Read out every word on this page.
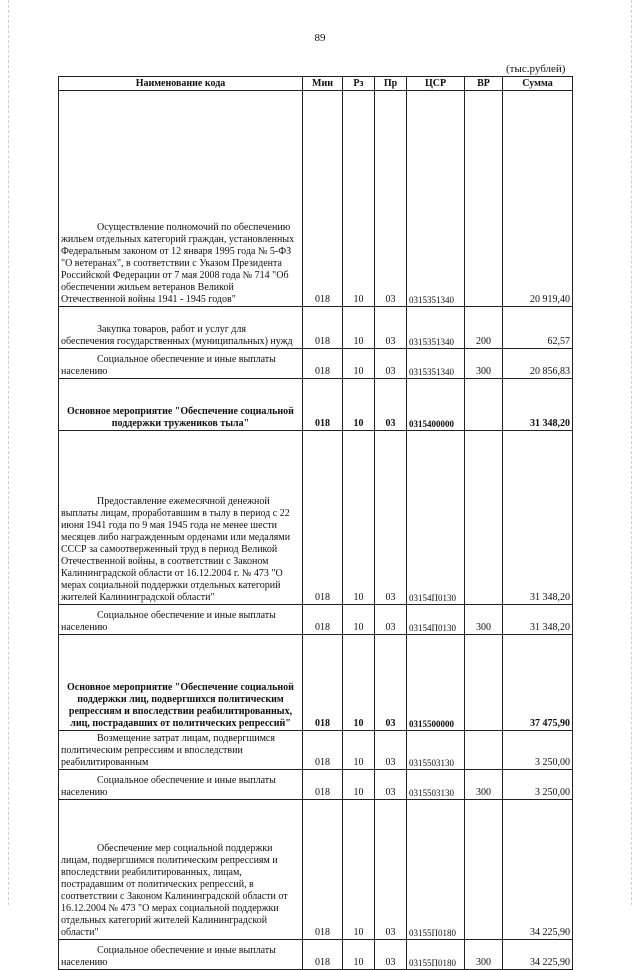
89
(тыс.рублей)
Наименование кода	Мин	Рз	Пр	ЦСР	ВР	Сумма
Осуществление полномочий по обеспечению жильем отдельных категорий граждан, установленных Федеральным законом от 12 января 1995 года № 5-ФЗ "О ветеранах", в соответствии с Указом Президента Российской Федерации от 7 мая 2008 года № 714 "Об обеспечении жильем ветеранов Великой Отечественной войны 1941 - 1945 годов"	018	10	03	0315351340		20 919,40
Закупка товаров, работ и услуг для обеспечения государственных (муниципальных) нужд	018	10	03	0315351340	200	62,57
Социальное обеспечение и иные выплаты населению	018	10	03	0315351340	300	20 856,83
Основное мероприятие "Обеспечение социальной поддержки тружеников тыла"	018	10	03	0315400000		31 348,20
Предоставление ежемесячной денежной выплаты лицам, проработавшим в тылу в период с 22 июня 1941 года по 9 мая 1945 года не менее шести месяцев либо награжденным орденами или медалями СССР за самоотверженный труд в период Великой Отечественной войны, в соответствии с Законом Калининградской области от 16.12.2004 г. № 473 "О мерах социальной поддержки отдельных категорий жителей Калининградской области"	018	10	03	03154П0130		31 348,20
Социальное обеспечение и иные выплаты населению	018	10	03	03154П0130	300	31 348,20
Основное мероприятие "Обеспечение социальной поддержки лиц, подвергшихся политическим репрессиям и впоследствии реабилитированных, лиц, пострадавших от политических репрессий"	018	10	03	0315500000		37 475,90
Возмещение затрат лицам, подвергшимся политическим репрессиям и впоследствии реабилитированным	018	10	03	0315503130		3 250,00
Социальное обеспечение и иные выплаты населению	018	10	03	0315503130	300	3 250,00
Обеспечение мер социальной поддержки лицам, подвергшимся политическим репрессиям и впоследствии реабилитированных, лицам, пострадавшим от политических репрессий, в соответствии с Законом Калининградской области от 16.12.2004 № 473 "О мерах социальной поддержки отдельных категорий жителей Калининградской области"	018	10	03	03155П0180		34 225,90
Социальное обеспечение и иные выплаты населению	018	10	03	03155П0180	300	34 225,90
